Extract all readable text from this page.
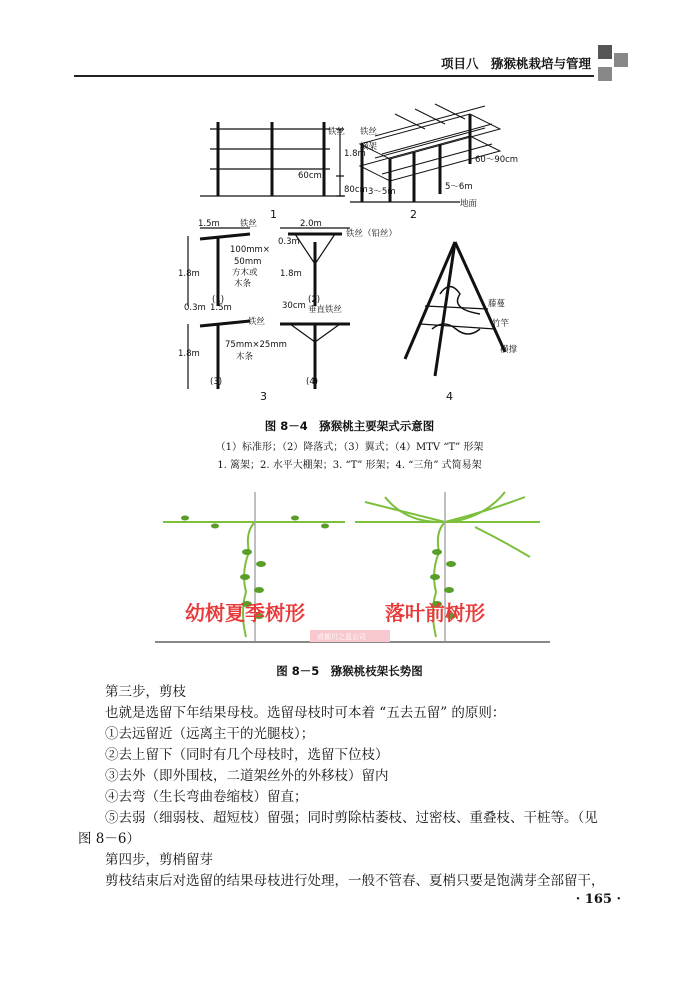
项目八　猕猴桃栽培与管理
铁丝
1.8m
60cm
80cm
1
铁丝
横架
60～90cm
3～5m	5～6m
地面
2
1.5m	2.0m
铁丝
铁丝（铅丝）
100mm×
50mm
方木或
木条
0.3m
1.8m	1.8m
(1)	(2)
0.3m 1.5m
铁丝
30cm 垂直铁丝
75mm×25mm
木条
1.8m
(3)	(4)
3
藤蔓
竹竿
横撑
4
图 8－4　猕猴桃主要架式示意图
（1）标准形；（2）降落式；（3）翼式；（4）MTV “T” 形架
1. 篱架；2. 水平大棚架；3. “T” 形架；4. “三角” 式简易架
幼树夏季树形	落叶前树形
成都川之蓝公司
图 8－5　猕猴桃枝架长势图
第三步，剪枝
也就是选留下年结果母枝。选留母枝时可本着 “五去五留” 的原则：
①去远留近（远离主干的光腿枝）；
②去上留下（同时有几个母枝时，选留下位枝）
③去外（即外围枝，二道架丝外的外移枝）留内
④去弯（生长弯曲卷缩枝）留直；
⑤去弱（细弱枝、超短枝）留强；同时剪除枯萎枝、过密枝、重叠枝、干桩等。（见
图 8－6）
第四步，剪梢留芽
剪枝结束后对选留的结果母枝进行处理，一般不管春、夏梢只要是饱满芽全部留干，
· 165 ·
